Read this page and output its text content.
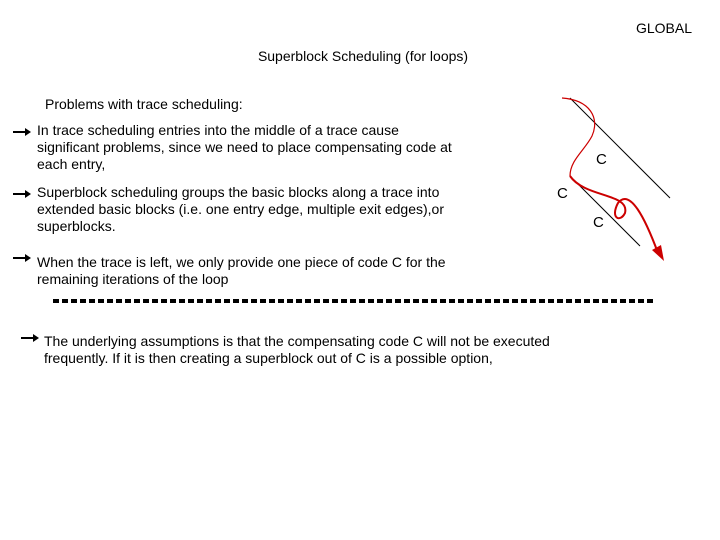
GLOBAL
Superblock Scheduling (for loops)
Problems with trace scheduling:
In trace scheduling entries into the middle of a trace cause
significant problems, since we need to place compensating code at
each entry,
Superblock scheduling groups the basic blocks along a trace into
extended basic blocks (i.e. one entry edge, multiple exit edges),or
superblocks.
When the trace is left, we only provide one piece of code C for the
remaining iterations of the loop
The underlying assumptions is that the compensating code C will not be executed
frequently. If it is then creating a superblock out of C is a possible option,
C
C
C
